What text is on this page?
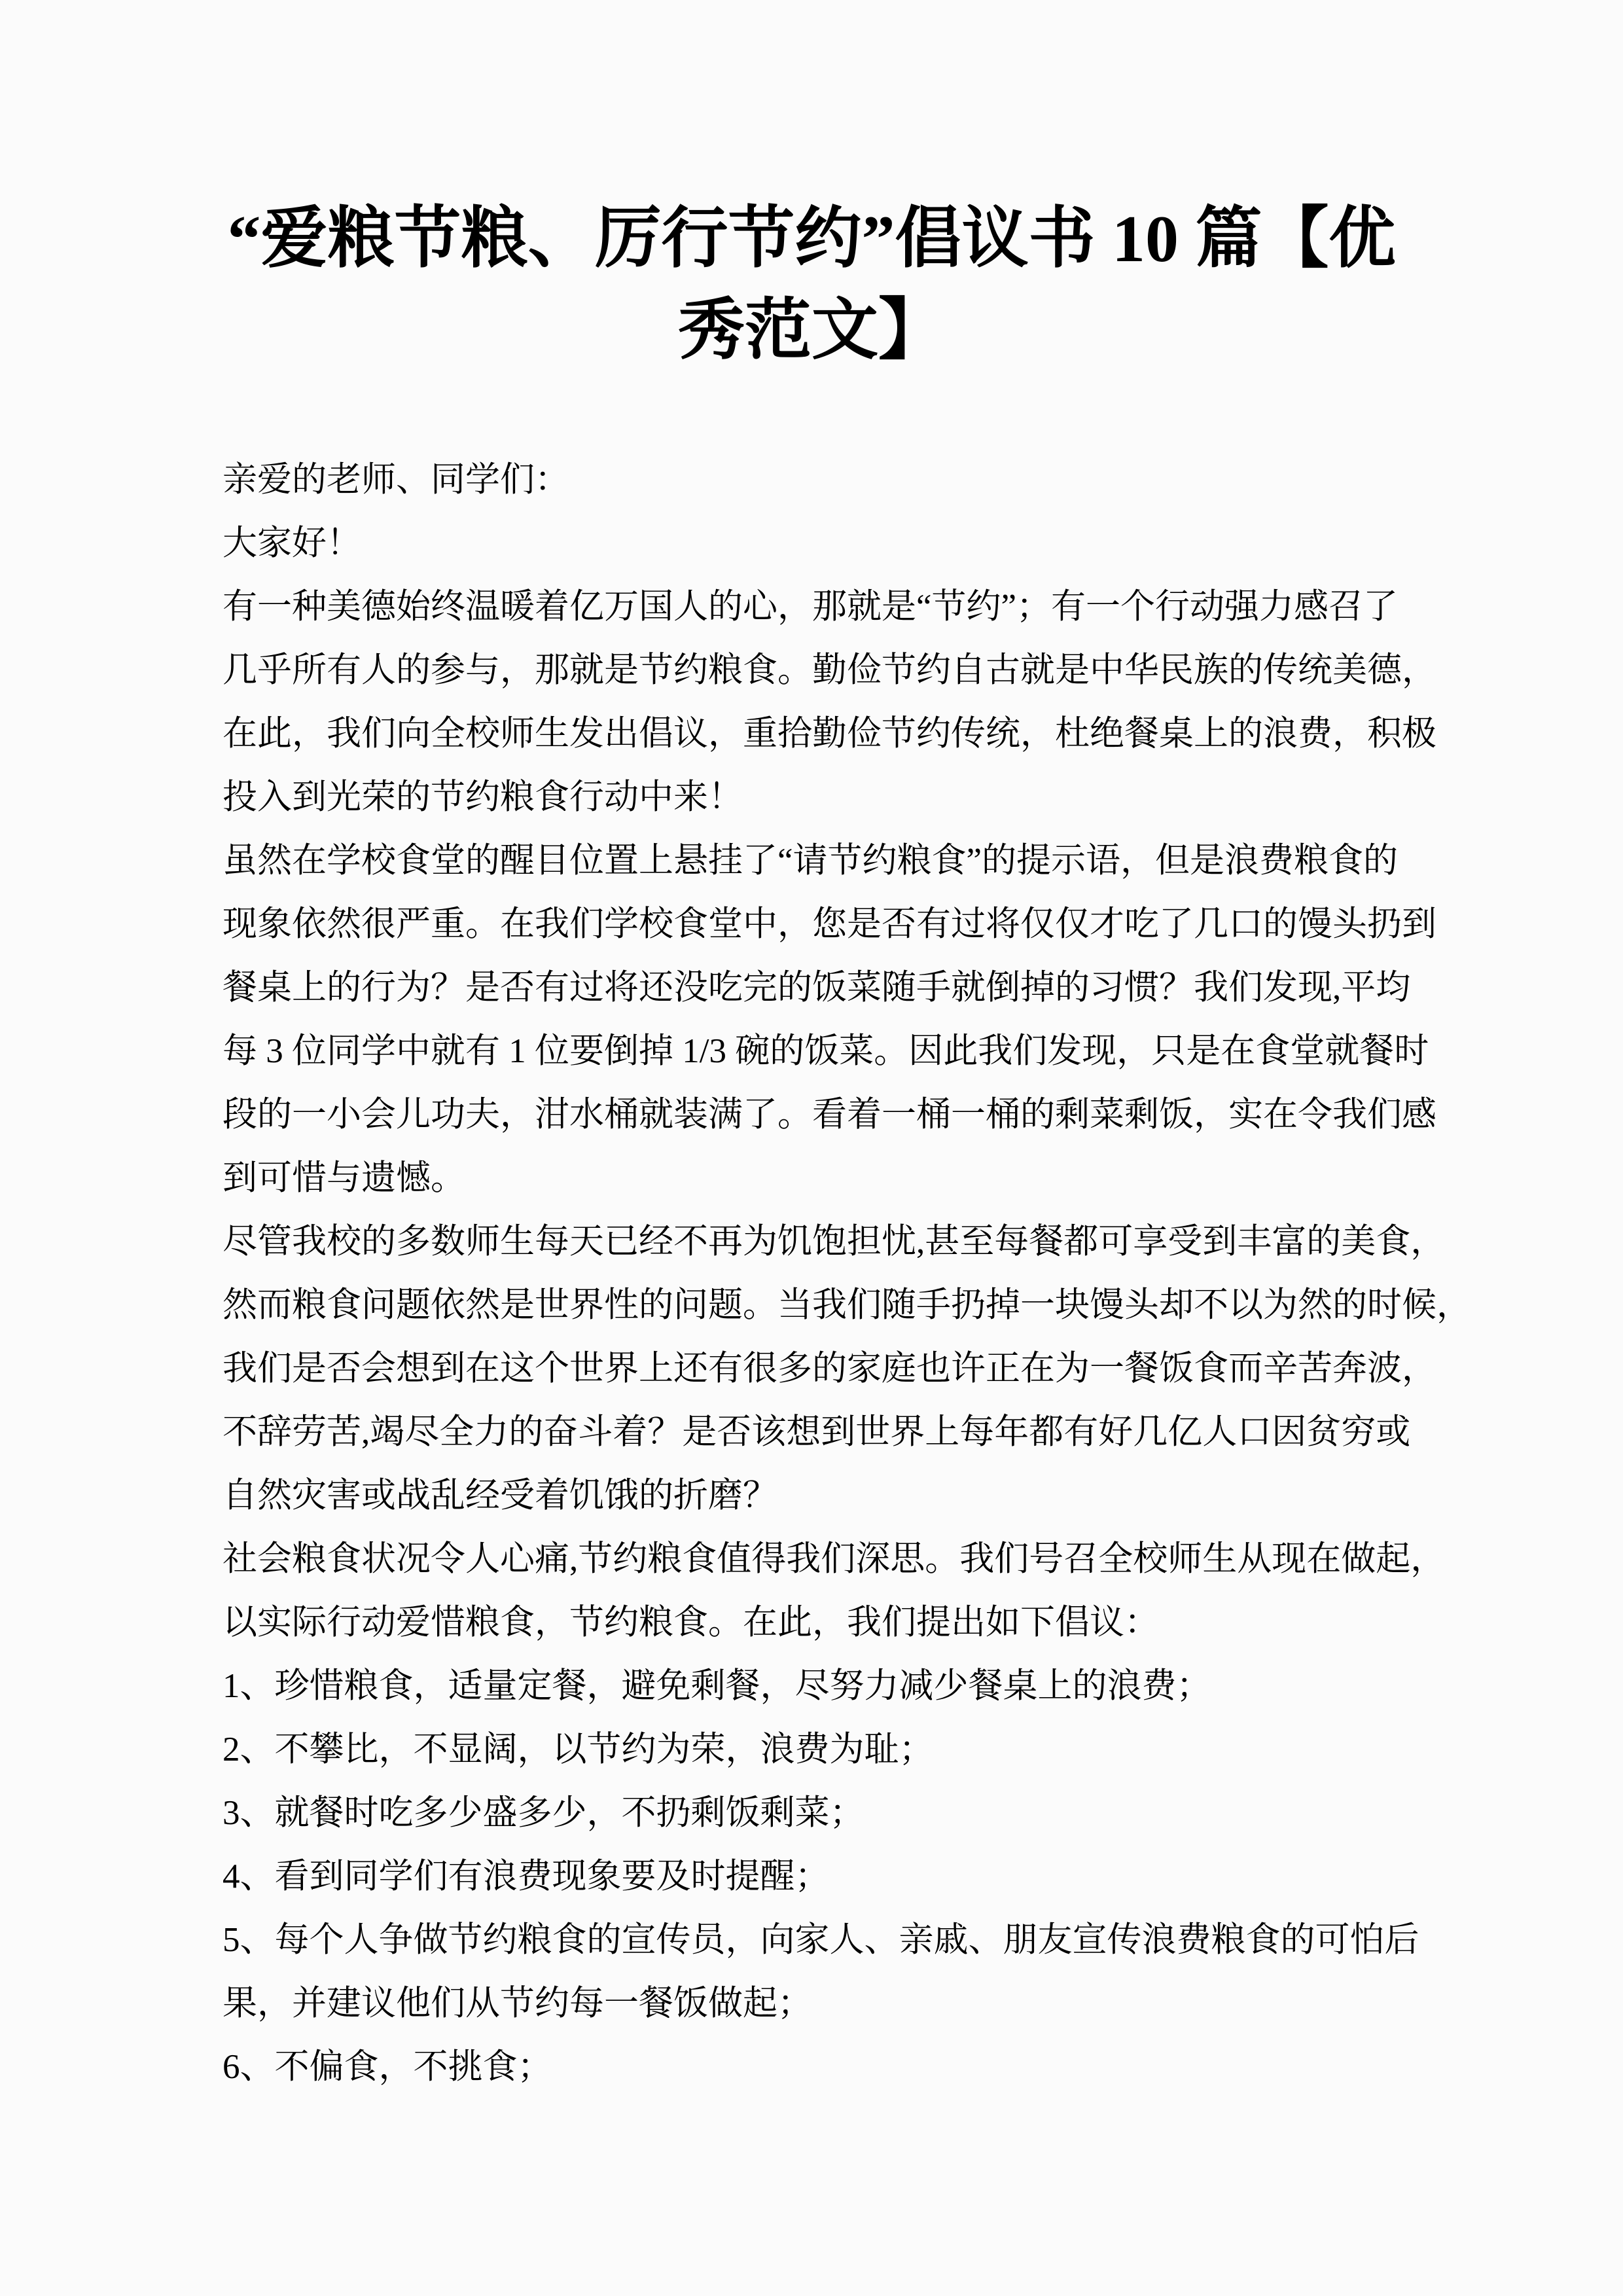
“爱粮节粮、厉行节约”倡议书 10 篇【优
秀范文】
亲爱的老师、同学们：
大家好！
有一种美德始终温暖着亿万国人的心，那就是“节约”；有一个行动强力感召了
几乎所有人的参与，那就是节约粮食。勤俭节约自古就是中华民族的传统美德，
在此，我们向全校师生发出倡议，重拾勤俭节约传统，杜绝餐桌上的浪费，积极
投入到光荣的节约粮食行动中来！
虽然在学校食堂的醒目位置上悬挂了“请节约粮食”的提示语，但是浪费粮食的
现象依然很严重。在我们学校食堂中，您是否有过将仅仅才吃了几口的馒头扔到
餐桌上的行为？是否有过将还没吃完的饭菜随手就倒掉的习惯？我们发现,平均
每 3 位同学中就有 1 位要倒掉 1/3 碗的饭菜。因此我们发现，只是在食堂就餐时
段的一小会儿功夫，泔水桶就装满了。看着一桶一桶的剩菜剩饭，实在令我们感
到可惜与遗憾。
尽管我校的多数师生每天已经不再为饥饱担忧,甚至每餐都可享受到丰富的美食，
然而粮食问题依然是世界性的问题。当我们随手扔掉一块馒头却不以为然的时候，
我们是否会想到在这个世界上还有很多的家庭也许正在为一餐饭食而辛苦奔波，
不辞劳苦,竭尽全力的奋斗着？是否该想到世界上每年都有好几亿人口因贫穷或
自然灾害或战乱经受着饥饿的折磨？
社会粮食状况令人心痛,节约粮食值得我们深思。我们号召全校师生从现在做起，
以实际行动爱惜粮食，节约粮食。在此，我们提出如下倡议：
1、珍惜粮食，适量定餐，避免剩餐，尽努力减少餐桌上的浪费；
2、不攀比，不显阔，以节约为荣，浪费为耻；
3、就餐时吃多少盛多少，不扔剩饭剩菜；
4、看到同学们有浪费现象要及时提醒；
5、每个人争做节约粮食的宣传员，向家人、亲戚、朋友宣传浪费粮食的可怕后
果，并建议他们从节约每一餐饭做起；
6、不偏食，不挑食；
